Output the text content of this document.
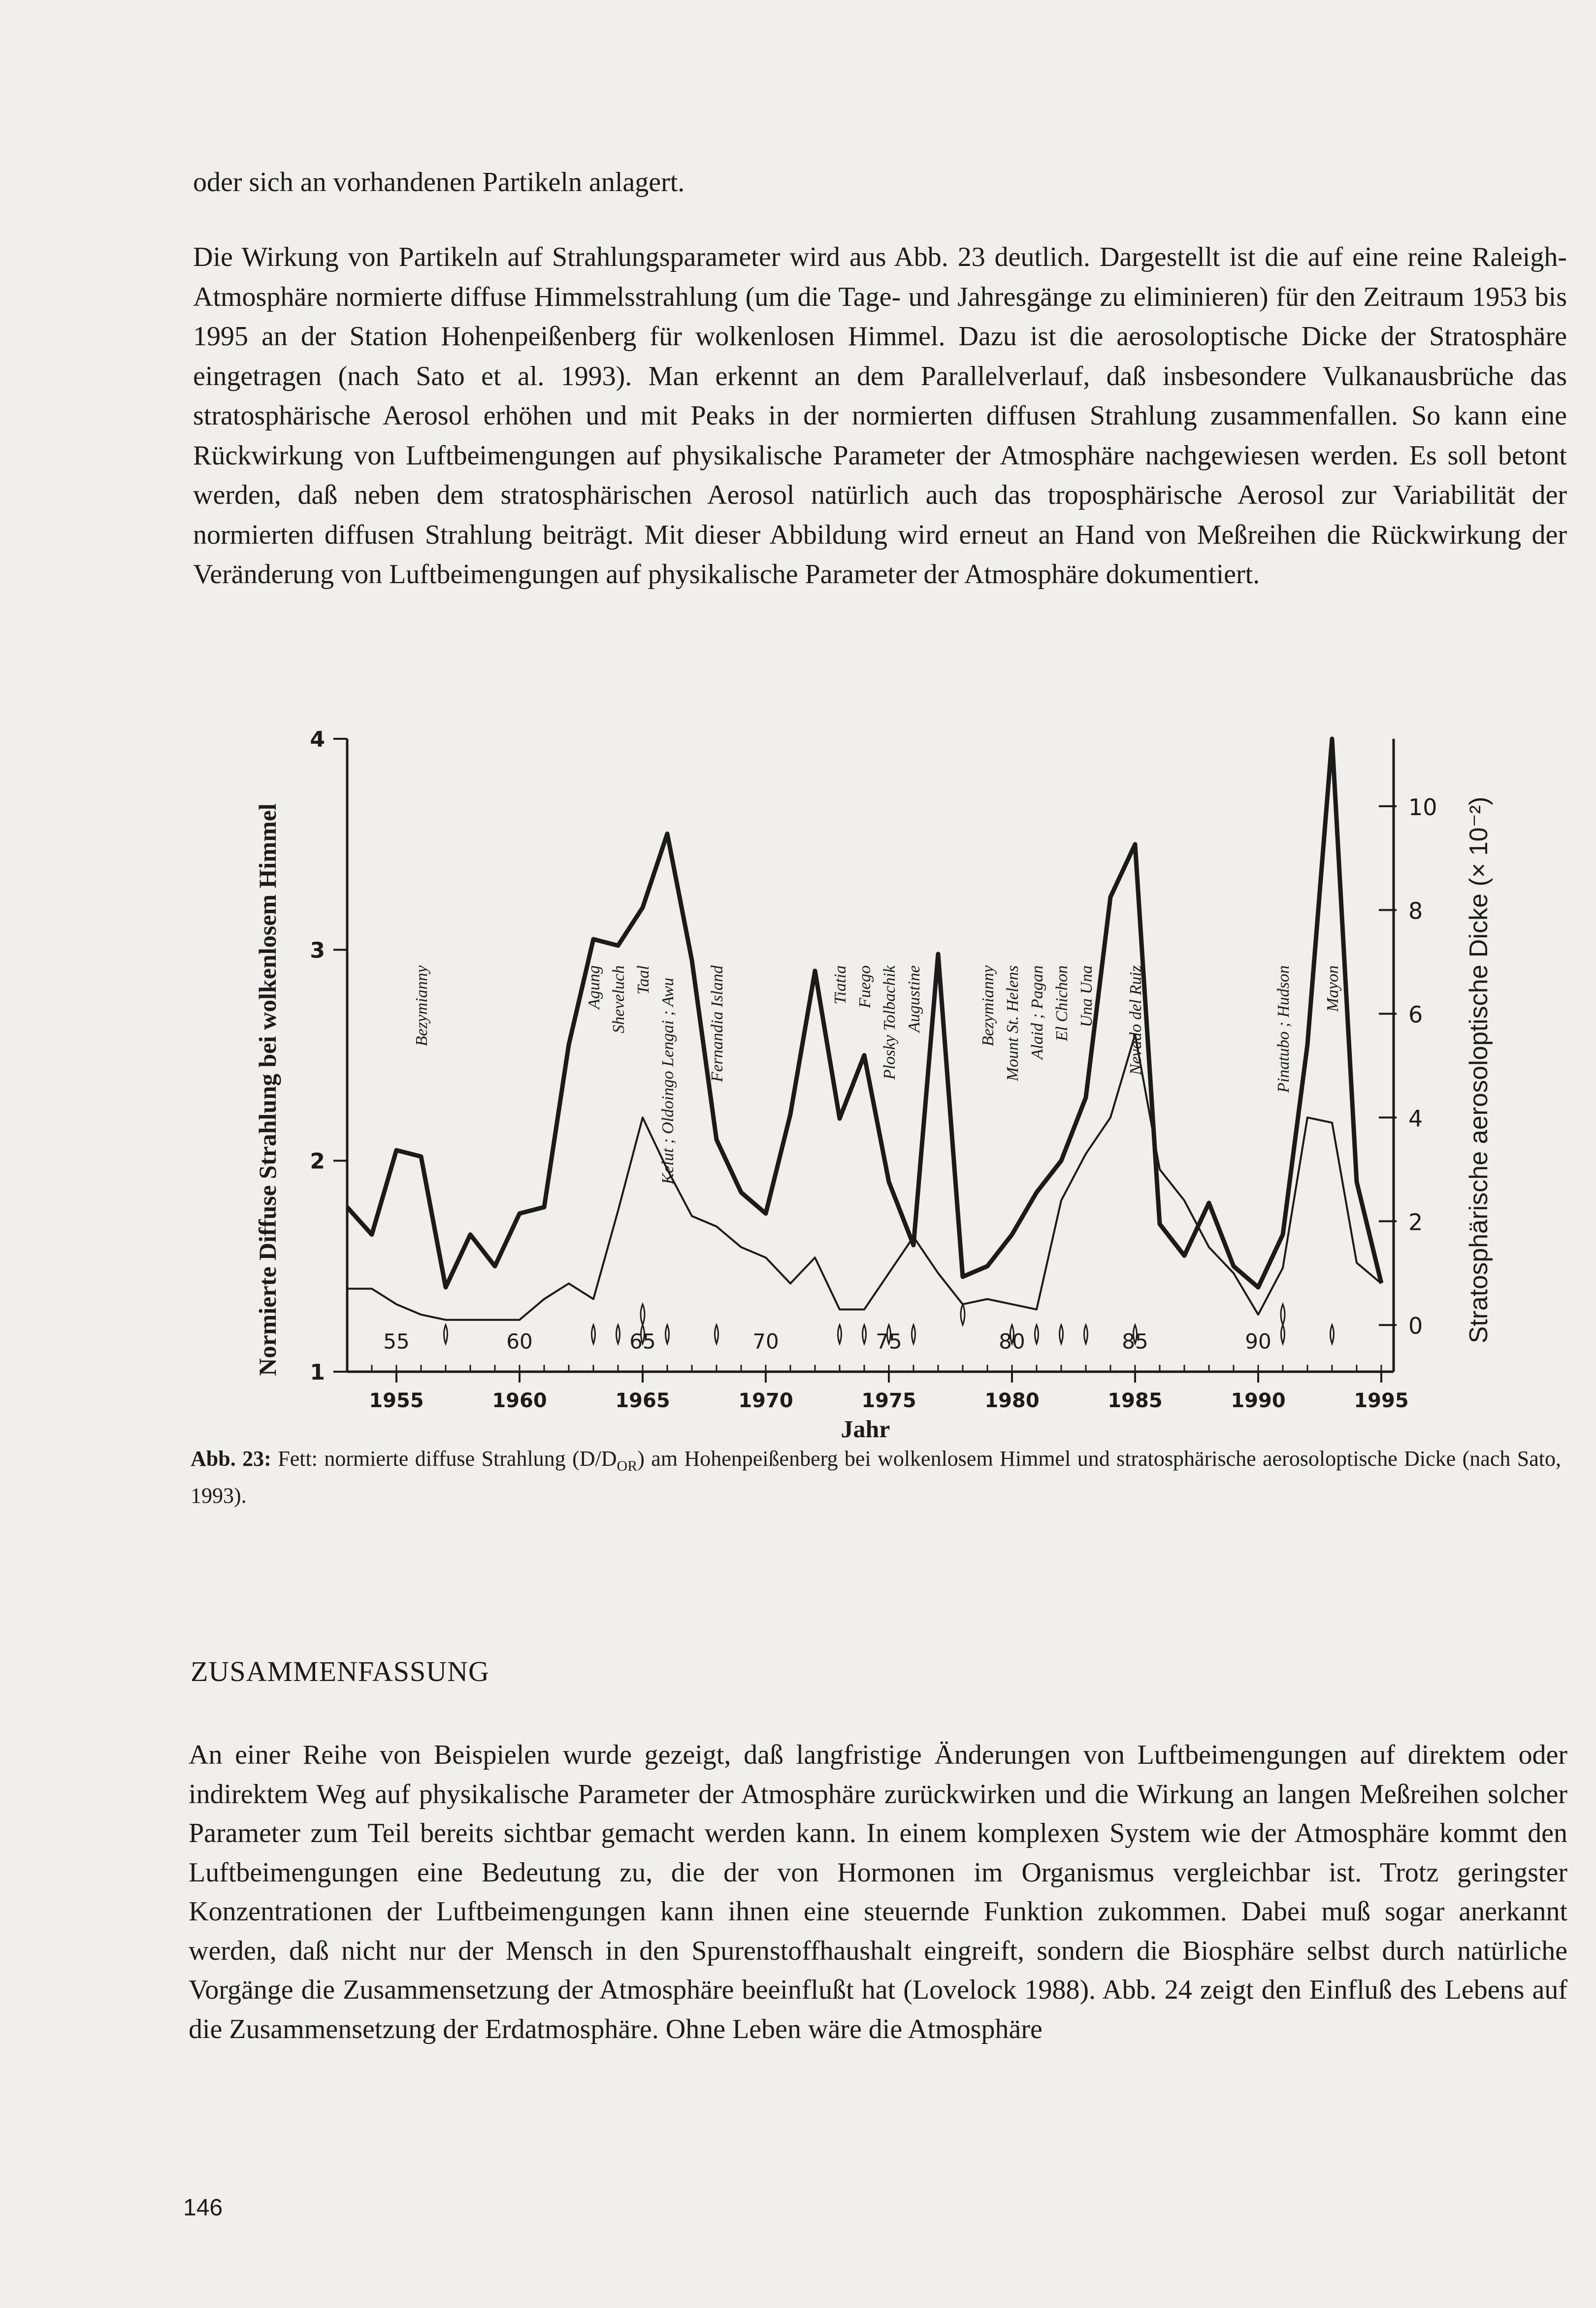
oder sich an vorhandenen Partikeln anlagert.
Die Wirkung von Partikeln auf Strahlungsparameter wird aus Abb. 23 deutlich. Dargestellt ist die auf eine reine Raleigh-Atmosphäre normierte diffuse Himmelsstrahlung (um die Tage- und Jahresgänge zu eliminieren) für den Zeitraum 1953 bis 1995 an der Station Hohenpeißenberg für wolkenlosen Himmel. Dazu ist die aerosoloptische Dicke der Stratosphäre eingetragen (nach Sato et al. 1993). Man erkennt an dem Parallelverlauf, daß insbesondere Vulkanausbrüche das stratosphärische Aerosol erhöhen und mit Peaks in der normierten diffusen Strahlung zusammenfallen. So kann eine Rückwirkung von Luftbeimengungen auf physikalische Parameter der Atmosphäre nachgewiesen werden. Es soll betont werden, daß neben dem stratosphärischen Aerosol natürlich auch das troposphärische Aerosol zur Variabilität der normierten diffusen Strahlung beiträgt. Mit dieser Abbildung wird erneut an Hand von Meßreihen die Rückwirkung der Veränderung von Luftbeimengungen auf physikalische Parameter der Atmosphäre dokumentiert.
1
2
3
4
0
2
4
6
8
10
1955	1960	1965	1970	1975	1980	1985	1990	1995
55	60	65	70	75	80	85	90
Bezymianny	Agung Sheveluch Taal Kelut ; Oldoingo Lengai ; Awu Fernandia Island	Tiatia Fuego Plosky Tolbachik Augustine	Bezymianny Mount St. Helens Alaid ; Pagan El Chichon Una Una Nevado del Ruiz	Pinatubo ; Hudson Mayon
Normierte Diffuse Strahlung bei wolkenlosem Himmel	Stratosphärische aerosoloptische Dicke (× 10⁻²)
Jahr
Abb. 23: Fett: normierte diffuse Strahlung $(D/D_{OR})$ am Hohenpeißenberg bei wolkenlosem Himmel und stratosphärische aerosoloptische Dicke (nach Sato, 1993).
ZUSAMMENFASSUNG
An einer Reihe von Beispielen wurde gezeigt, daß langfristige Änderungen von Luftbeimengungen auf direktem oder indirektem Weg auf physikalische Parameter der Atmosphäre zurückwirken und die Wirkung an langen Meßreihen solcher Parameter zum Teil bereits sichtbar gemacht werden kann. In einem komplexen System wie der Atmosphäre kommt den Luftbeimengungen eine Bedeutung zu, die der von Hormonen im Organismus vergleichbar ist. Trotz geringster Konzentrationen der Luftbeimengungen kann ihnen eine steuernde Funktion zukommen. Dabei muß sogar anerkannt werden, daß nicht nur der Mensch in den Spurenstoffhaushalt eingreift, sondern die Biosphäre selbst durch natürliche Vorgänge die Zusammensetzung der Atmosphäre beeinflußt hat (Lovelock 1988). Abb. 24 zeigt den Einfluß des Lebens auf die Zusammensetzung der Erdatmosphäre. Ohne Leben wäre die Atmosphäre
146
